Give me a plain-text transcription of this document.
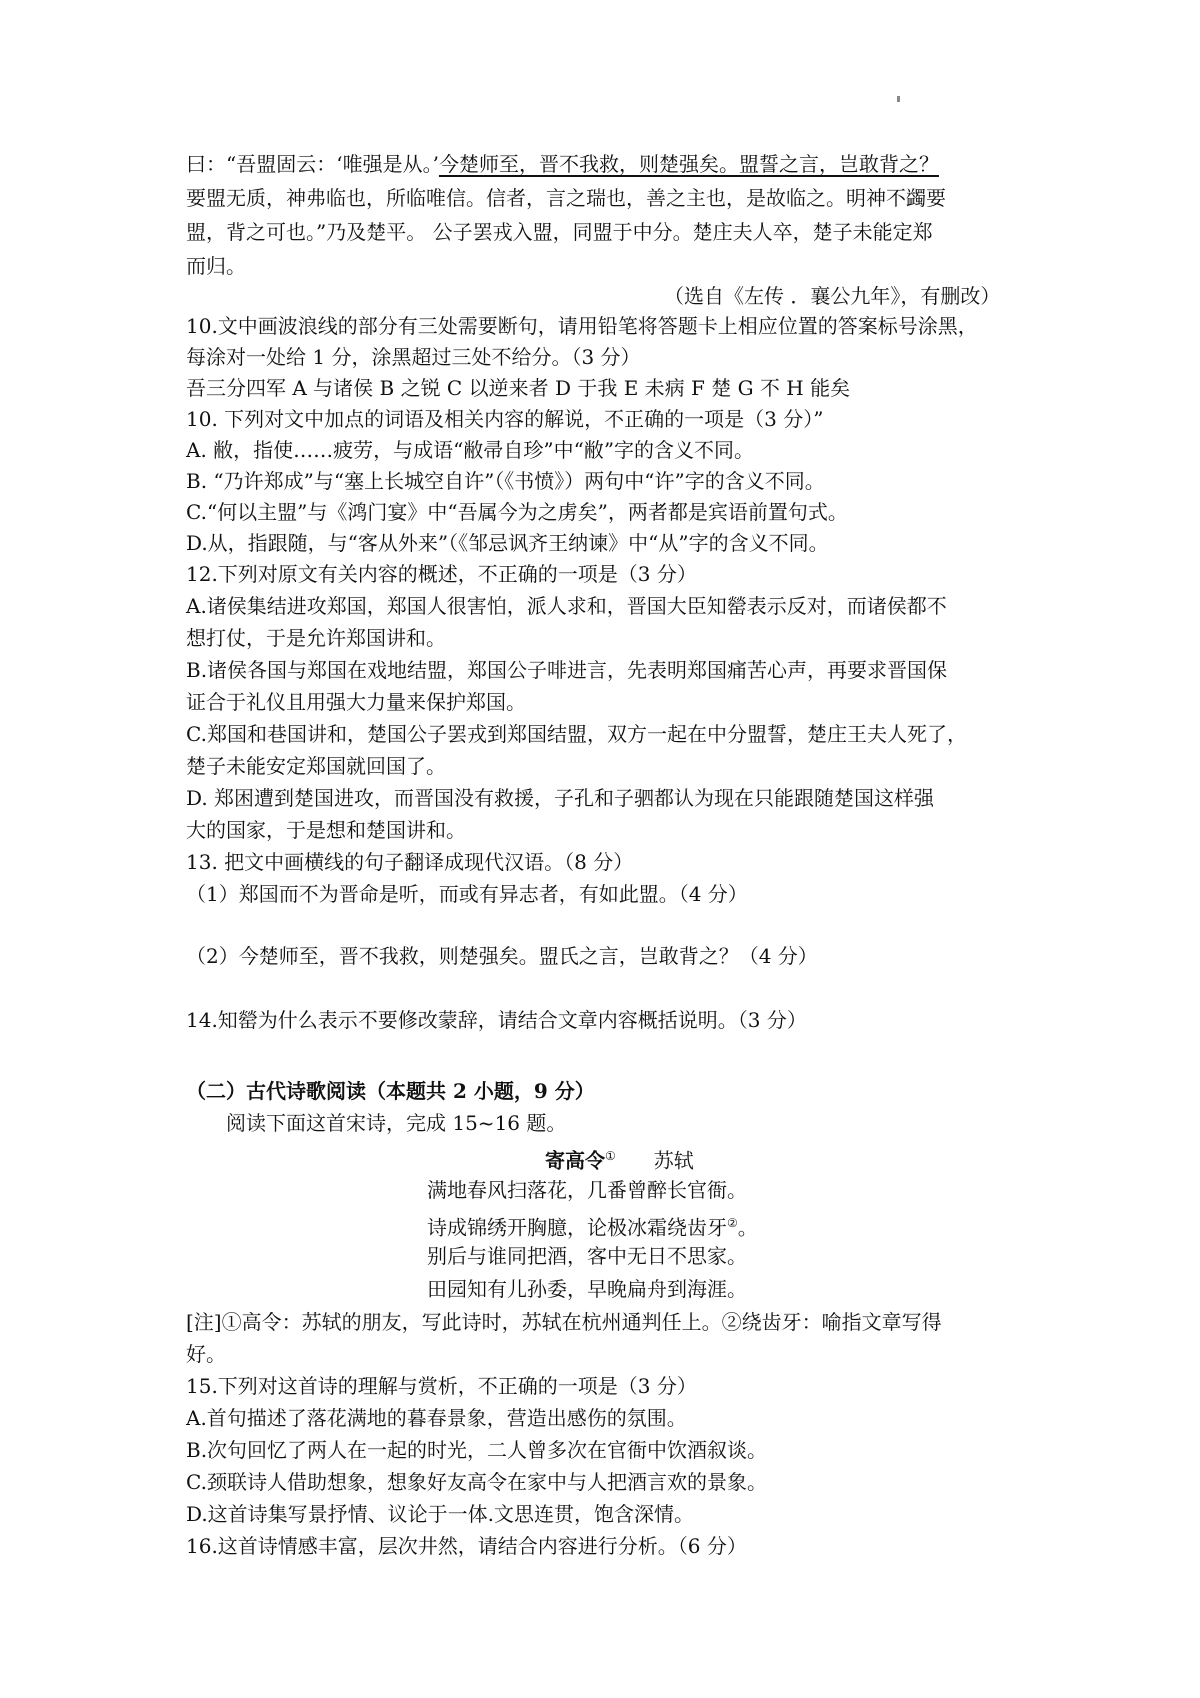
曰：“吾盟固云：‘唯强是从。’今楚师至，晋不我救，则楚强矣。盟誓之言，岂敢背之？
要盟无质，神弗临也，所临唯信。信者，言之瑞也，善之主也，是故临之。明神不蠲要
盟，背之可也。”乃及楚平。 公子罢戎入盟，同盟于中分。楚庄夫人卒，楚子未能定郑
而归。
（选自《左传 ．襄公九年》，有删改）
10.文中画波浪线的部分有三处需要断句，请用铅笔将答题卡上相应位置的答案标号涂黑，
每涂对一处给 1 分，涂黑超过三处不给分。（3 分）
吾三分四军 A 与诸侯 B 之锐 C 以逆来者 D 于我 E 未病 F 楚 G 不 H 能矣
10. 下列对文中加点的词语及相关内容的解说，不正确的一项是（3 分）”
A. 敝，指使……疲劳，与成语“敝帚自珍”中“敝”字的含义不同。
B. “乃许郑成”与“塞上长城空自许”（《书愤》）两句中“许”字的含义不同。
C.“何以主盟”与《鸿门宴》中“吾属今为之虏矣”，两者都是宾语前置句式。
D.从，指跟随，与“客从外来”（《邹忌讽齐王纳谏》中“从”字的含义不同。
12.下列对原文有关内容的概述，不正确的一项是（3 分）
A.诸侯集结进攻郑国，郑国人很害怕，派人求和，晋国大臣知罃表示反对，而诸侯都不
想打仗，于是允许郑国讲和。
B.诸侯各国与郑国在戏地结盟，郑国公子啡进言，先表明郑国痛苦心声，再要求晋国保
证合于礼仪且用强大力量来保护郑国。
C.郑国和巷国讲和，楚国公子罢戎到郑国结盟，双方一起在中分盟誓，楚庄王夫人死了，
楚子未能安定郑国就回国了。
D. 郑困遭到楚国进攻，而晋国没有救援，子孔和子驷都认为现在只能跟随楚国这样强
大的国家，于是想和楚国讲和。
13. 把文中画横线的句子翻译成现代汉语。（8 分）
（1）郑国而不为晋命是听，而或有异志者，有如此盟。（4 分）
（2）今楚师至，晋不我救，则楚强矣。盟氏之言，岂敢背之？（4 分）
14.知罃为什么表示不要修改蒙辞，请结合文章内容概括说明。（3 分）
（二）古代诗歌阅读（本题共 2 小题，9 分）
阅读下面这首宋诗，完成 15~16 题。
寄高令① 苏轼
满地春风扫落花，几番曾醉长官衙。
诗成锦绣开胸臆，论极冰霜绕齿牙②。
别后与谁同把酒，客中无日不思家。
田园知有儿孙委，早晚扁舟到海涯。
[注]①高令：苏轼的朋友，写此诗时，苏轼在杭州通判任上。②绕齿牙：喻指文章写得
好。
15.下列对这首诗的理解与赏析，不正确的一项是（3 分）
A.首句描述了落花满地的暮春景象，营造出感伤的氛围。
B.次句回忆了两人在一起的时光，二人曾多次在官衙中饮酒叙谈。
C.颈联诗人借助想象，想象好友高令在家中与人把酒言欢的景象。
D.这首诗集写景抒情、议论于一体.文思连贯，饱含深情。
16.这首诗情感丰富，层次井然，请结合内容进行分析。（6 分）
